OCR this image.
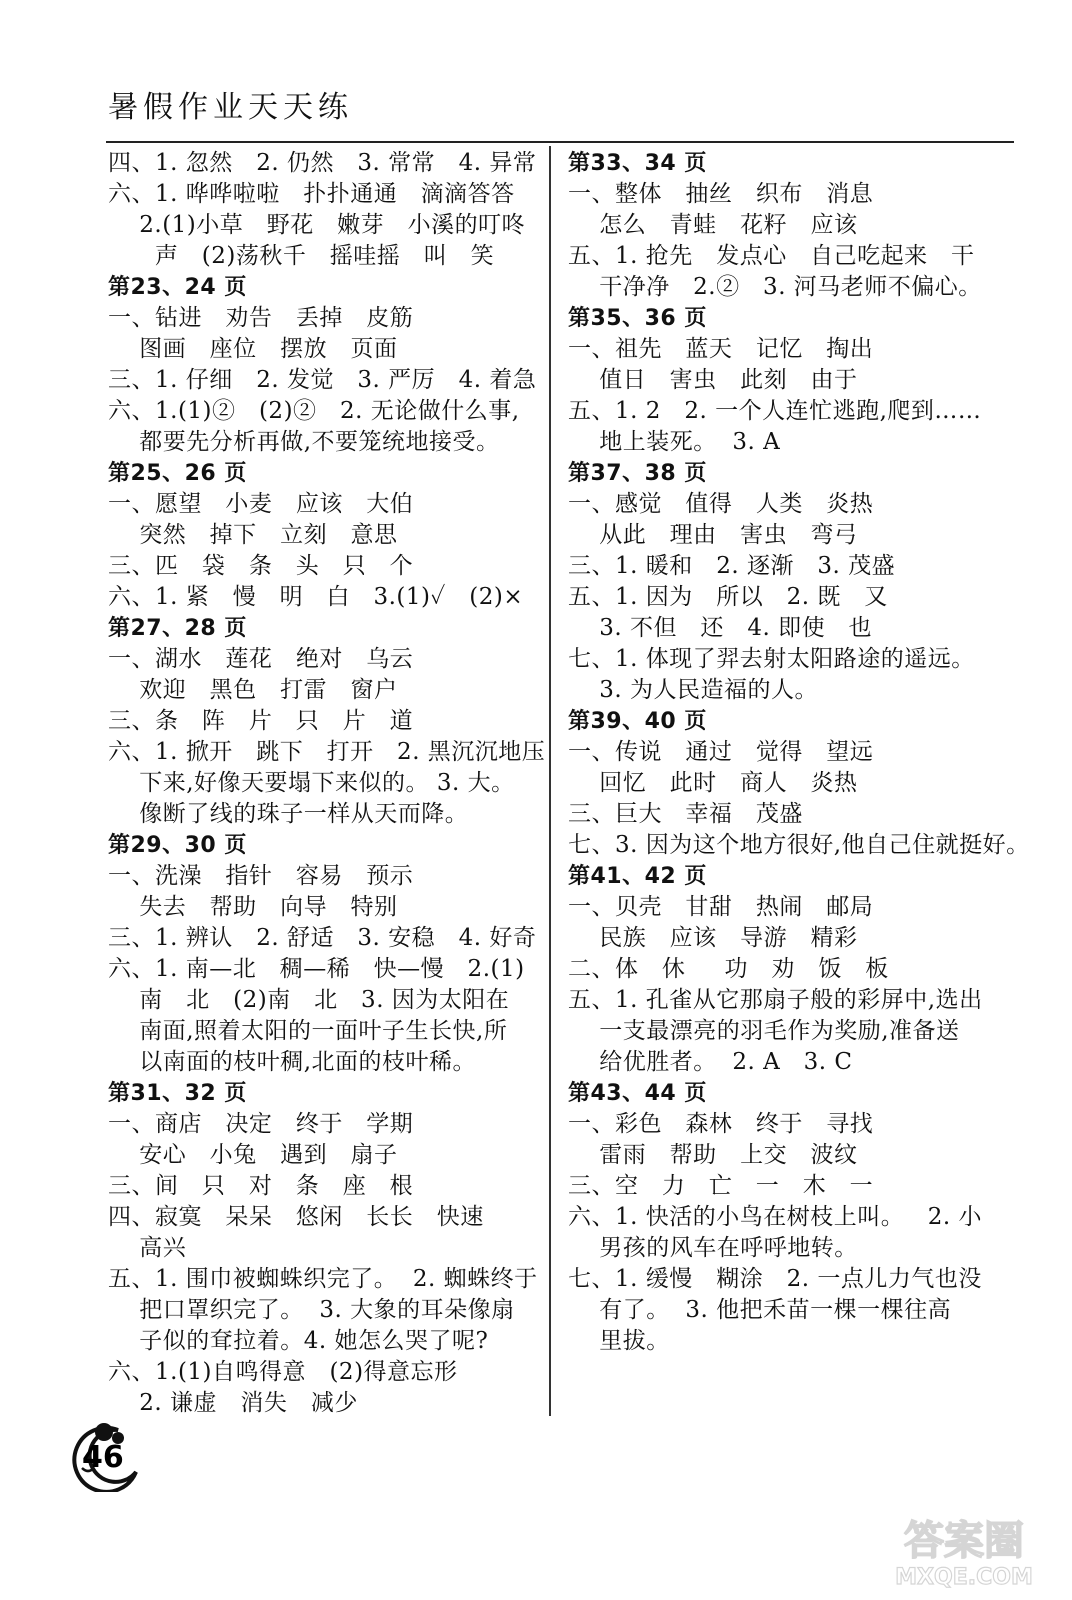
暑假作业天天练
四、1. 忽然   2. 仍然   3. 常常   4. 异常
六、1. 哗哗啦啦   扑扑通通   滴滴答答
2.(1)小草   野花   嫩芽   小溪的叮咚
声   (2)荡秋千   摇哇摇   叫   笑
第23、24 页
一、钻进   劝告   丢掉   皮筋
图画   座位   摆放   页面
三、1. 仔细   2. 发觉   3. 严厉   4. 着急
六、1.(1)②   (2)②   2. 无论做什么事,
都要先分析再做,不要笼统地接受。
第25、26 页
一、愿望   小麦   应该   大伯
突然   掉下   立刻   意思
三、匹   袋   条   头   只   个
六、1. 紧   慢   明   白   3.(1)✓   (2)×
第27、28 页
一、湖水   莲花   绝对   乌云
欢迎   黑色   打雷   窗户
三、条   阵   片   只   片   道
六、1. 掀开   跳下   打开   2. 黑沉沉地压
下来,好像天要塌下来似的。 3. 大。
像断了线的珠子一样从天而降。
第29、30 页
一、洗澡   指针   容易   预示
失去   帮助   向导   特别
三、1. 辨认   2. 舒适   3. 安稳   4. 好奇
六、1. 南—北   稠—稀   快—慢   2.(1)
南   北   (2)南   北   3. 因为太阳在
南面,照着太阳的一面叶子生长快,所
以南面的枝叶稠,北面的枝叶稀。
第31、32 页
一、商店   决定   终于   学期
安心   小兔   遇到   扇子
三、间   只   对   条   座   根
四、寂寞   呆呆   悠闲   长长   快速
高兴
五、1. 围巾被蜘蛛织完了。  2. 蜘蛛终于
把口罩织完了。  3. 大象的耳朵像扇
子似的耷拉着。4. 她怎么哭了呢?
六、1.(1)自鸣得意   (2)得意忘形
2. 谦虚   消失   减少
第33、34 页
一、整体   抽丝   织布   消息
怎么   青蛙   花籽   应该
五、1. 抢先   发点心   自己吃起来   干
干净净   2.②   3. 河马老师不偏心。
第35、36 页
一、祖先   蓝天   记忆   掏出
值日   害虫   此刻   由于
五、1. 2   2. 一个人连忙逃跑,爬到……
地上装死。  3. A
第37、38 页
一、感觉   值得   人类   炎热
从此   理由   害虫   弯弓
三、1. 暖和   2. 逐渐   3. 茂盛
五、1. 因为   所以   2. 既   又
3. 不但   还   4. 即使   也
七、1. 体现了羿去射太阳路途的遥远。
3. 为人民造福的人。
第39、40 页
一、传说   通过   觉得   望远
回忆   此时   商人   炎热
三、巨大   幸福   茂盛
七、3. 因为这个地方很好,他自己住就挺好。
第41、42 页
一、贝壳   甘甜   热闹   邮局
民族   应该   导游   精彩
二、体   休     功   劝   饭   板
五、1. 孔雀从它那扇子般的彩屏中,选出
一支最漂亮的羽毛作为奖励,准备送
给优胜者。  2. A   3. C
第43、44 页
一、彩色   森林   终于   寻找
雷雨   帮助   上交   波纹
三、空   力   亡   一   木   一
六、1. 快活的小鸟在树枝上叫。   2. 小
男孩的风车在呼呼地转。
七、1. 缓慢   糊涂   2. 一点儿力气也没
有了。  3. 他把禾苗一棵一棵往高
里拔。
46
答案圈
MXQE.COM
